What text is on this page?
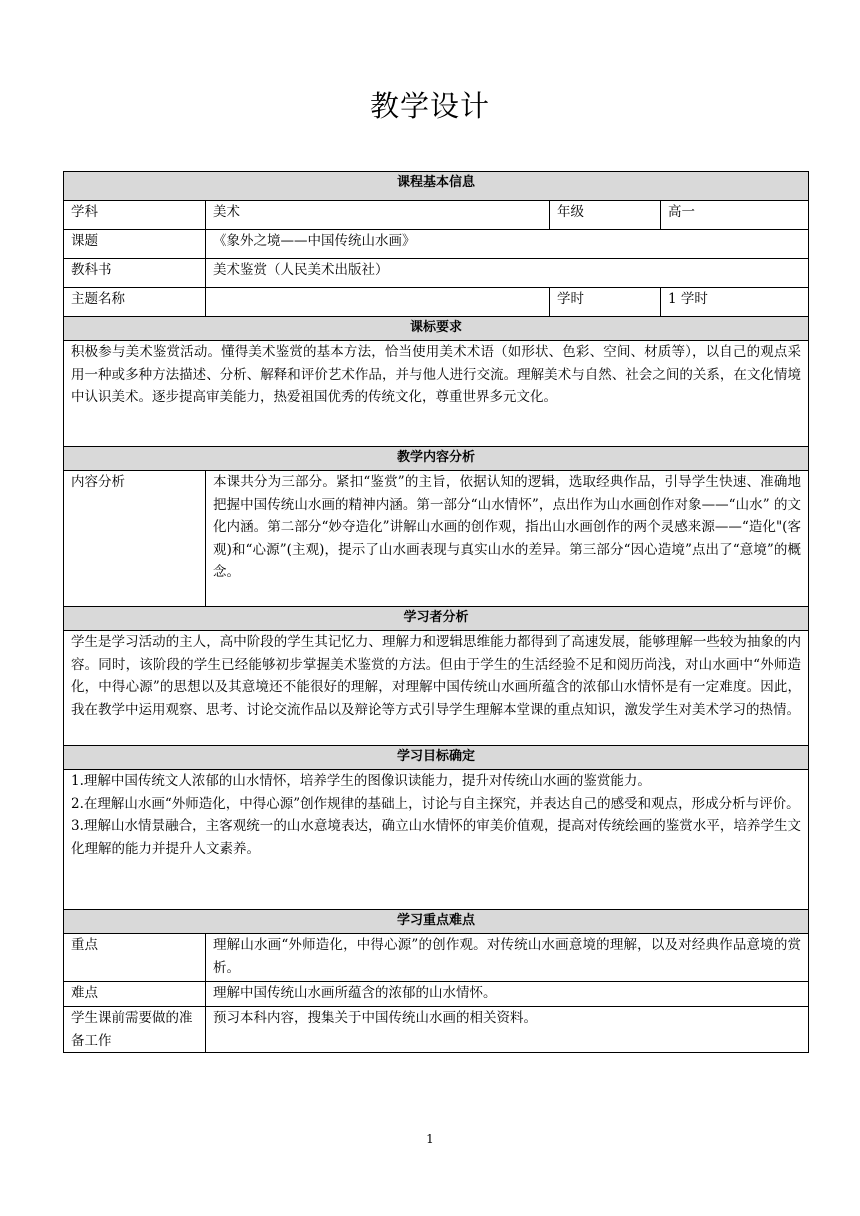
教学设计
课程基本信息			
学科	美术	年级	高一
课题	《象外之境——中国传统山水画》		
教科书	美术鉴赏（人民美术出版社）		
主题名称		学时	1 学时
课标要求			
积极参与美术鉴赏活动。懂得美术鉴赏的基本方法，恰当使用美术术语（如形状、色彩、空间、材质等），以自己的观点采用一种或多种方法描述、分析、解释和评价艺术作品，并与他人进行交流。理解美术与自然、社会之间的关系，在文化情境中认识美术。逐步提高审美能力，热爱祖国优秀的传统文化，尊重世界多元文化。			
教学内容分析			
内容分析	本课共分为三部分。紧扣“鉴赏”的主旨，依据认知的逻辑，选取经典作品，引导学生快速、准确地把握中国传统山水画的精神内涵。第一部分“山水情怀”，点出作为山水画创作对象——“山水” 的文化内涵。第二部分“妙夺造化”讲解山水画的创作观，指出山水画创作的两个灵感来源——“造化"(客观)和“心源”(主观)，提示了山水画表现与真实山水的差异。第三部分“因心造境”点出了“意境”的概念。		
学习者分析			
学生是学习活动的主人，高中阶段的学生其记忆力、理解力和逻辑思维能力都得到了高速发展，能够理解一些较为抽象的内容。同时，该阶段的学生已经能够初步掌握美术鉴赏的方法。但由于学生的生活经验不足和阅历尚浅，对山水画中“外师造化，中得心源”的思想以及其意境还不能很好的理解，对理解中国传统山水画所蕴含的浓郁山水情怀是有一定难度。因此，我在教学中运用观察、思考、讨论交流作品以及辩论等方式引导学生理解本堂课的重点知识，激发学生对美术学习的热情。			
学习目标确定			

1.理解中国传统文人浓郁的山水情怀，培养学生的图像识读能力，提升对传统山水画的鉴赏能力。
2.在理解山水画“外师造化，中得心源”创作规律的基础上，讨论与自主探究，并表达自己的感受和观点，形成分析与评价。
3.理解山水情景融合，主客观统一的山水意境表达，确立山水情怀的审美价值观，提高对传统绘画的鉴赏水平，培养学生文化理解的能力并提升人文素养。			

学习重点难点			
重点	理解山水画“外师造化，中得心源”的创作观。对传统山水画意境的理解，以及对经典作品意境的赏析。		
难点	理解中国传统山水画所蕴含的浓郁的山水情怀。		
学生课前需要做的准备工作	预习本科内容，搜集关于中国传统山水画的相关资料。		
1
